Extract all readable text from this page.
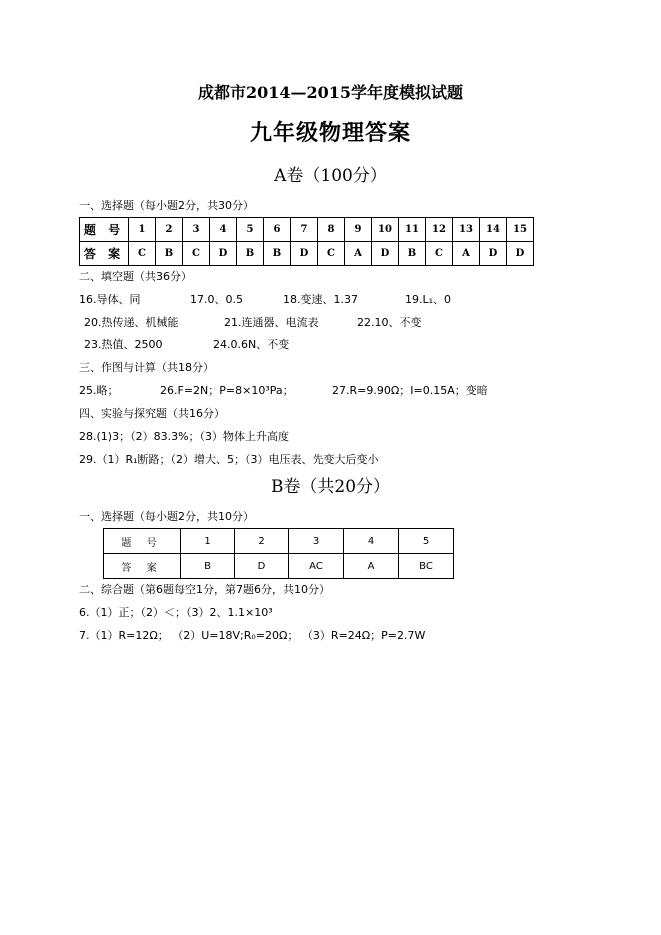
成都市2014—2015学年度模拟试题
九年级物理答案
A卷（100分）
一、选择题（每小题2分，共30分）
题 号	1	2	3	4	5	6	7	8	9	10	11	12	13	14	15
答 案	C	B	C	D	B	B	D	C	A	D	B	C	A	D	D
二、填空题（共36分）
16.导体、同	17.0、0.5	18.变速、1.37	19.L₁、0
20.热传递、机械能	21.连通器、电流表	22.10、不变
23.热值、2500	24.0.6N、不变
三、作图与计算（共18分）
25.略；	26.F=2N；P=8×10³Pa；	27.R=9.90Ω；I=0.15A；变暗
四、实验与探究题（共16分）
28.(1)3；（2）83.3%；（3）物体上升高度
29.（1）R₁断路；（2）增大、5；（3）电压表、先变大后变小
B卷（共20分）
一、选择题（每小题2分，共10分）
题 号	1	2	3	4	5
答 案	B	D	AC	A	BC
二、综合题（第6题每空1分，第7题6分，共10分）
6.（1）正；（2）＜；（3）2、1.1×10³
7.（1）R=12Ω； （2）U=18V;R₀=20Ω； （3）R=24Ω；P=2.7W
